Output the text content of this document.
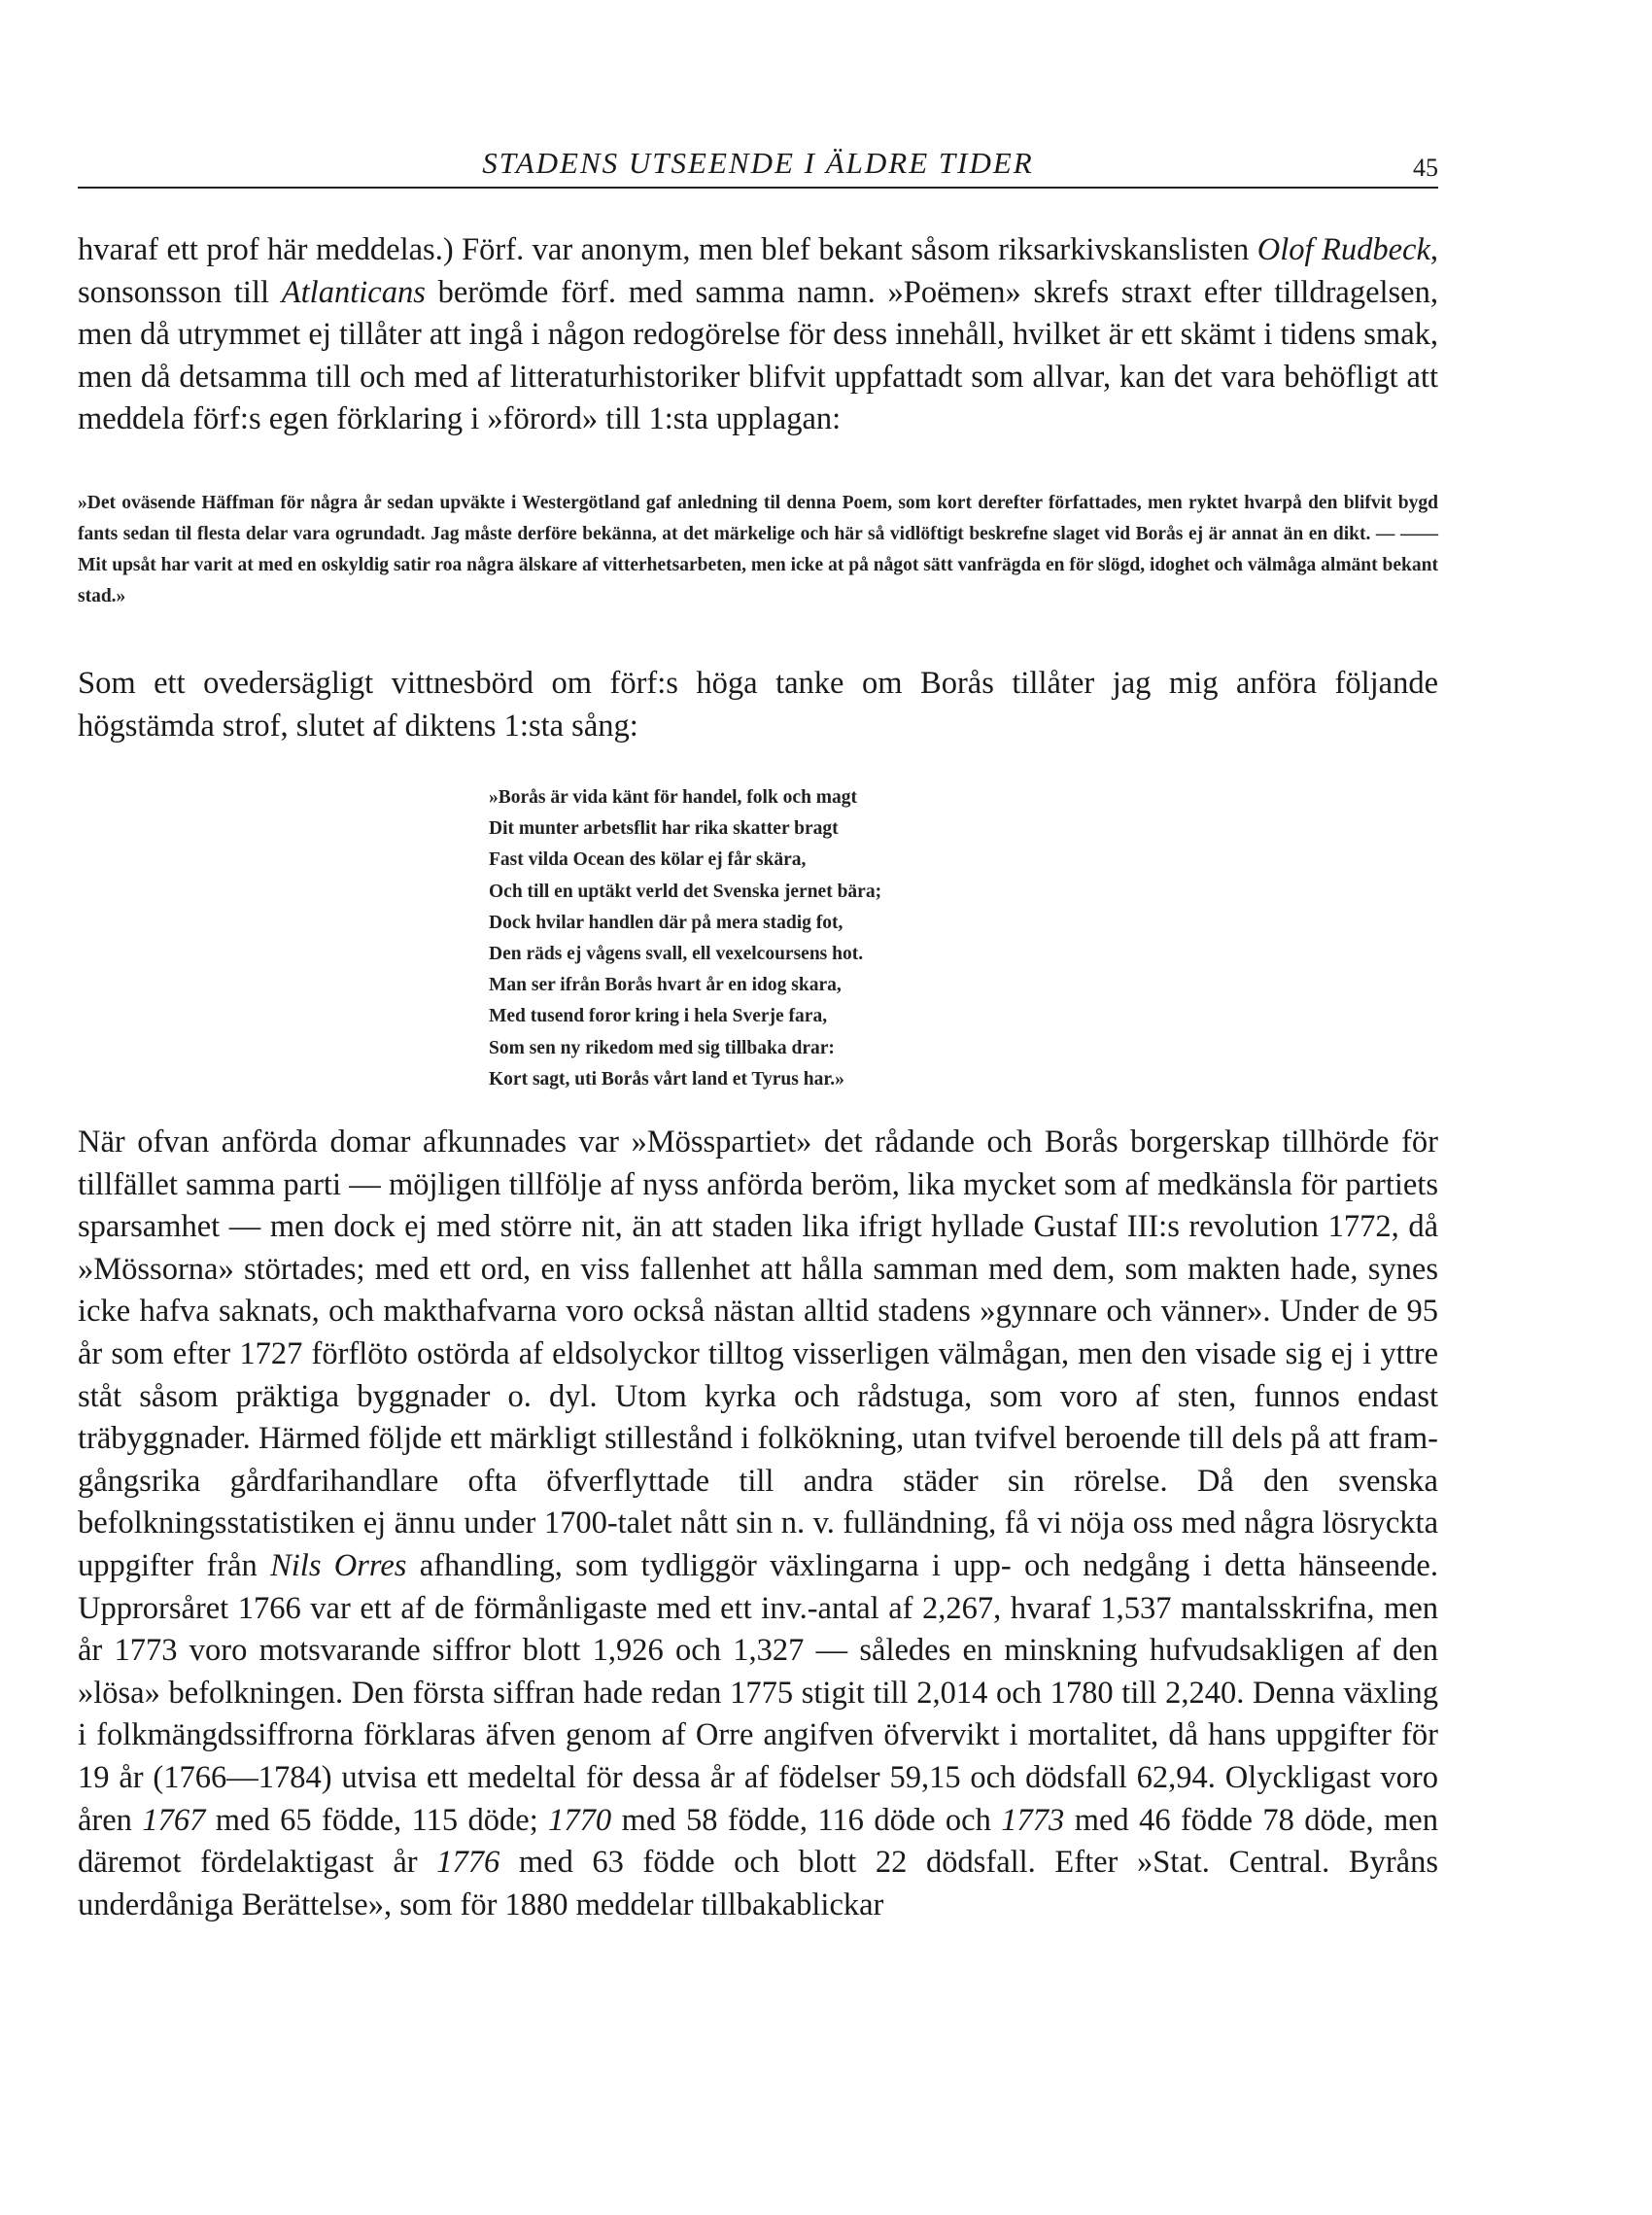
STADENS UTSEENDE I ÄLDRE TIDER	45

hvaraf ett prof här meddelas.) Förf. var anonym, men blef bekant såsom riksarkivskanslisten Olof Rudbeck, sonsonsson till Atlanticans berömde förf. med samma namn. »Poëmen» skrefs straxt efter tilldragelsen, men då utrymmet ej tillåter att ingå i någon redogörelse för dess innehåll, hvilket är ett skämt i tidens smak, men då detsamma till och med af litteraturhistoriker blifvit uppfattadt som allvar, kan det vara behöfligt att meddela förf:s egen förklaring i »förord» till 1:sta upplagan:

»Det oväsende Häffman för några år sedan upväkte i Westergötland gaf anledning til denna Poem, som kort derefter författades, men ryktet hvarpå den blifvit bygd fants sedan til flesta delar vara ogrundadt. Jag måste derföre bekänna, at det märkelige och här så vidlöftigt beskrefne slaget vid Borås ej är annat än en dikt. — —— Mit upsåt har varit at med en oskyldig satir roa några älskare af vitterhetsarbeten, men icke at på något sätt vanfrägda en för slögd, idoghet och välmåga almänt bekant stad.»

Som ett ovedersägligt vittnesbörd om förf:s höga tanke om Borås tillåter jag mig anföra följande högstämda strof, slutet af diktens 1:sta sång:

»Borås är vida känt för handel, folk och magt
Dit munter arbetsflit har rika skatter bragt
Fast vilda Ocean des kölar ej får skära,
Och till en uptäkt verld det Svenska jernet bära;
Dock hvilar handlen där på mera stadig fot,
Den räds ej vågens svall, ell vexelcoursens hot.
Man ser ifrån Borås hvart år en idog skara,
Med tusend foror kring i hela Sverje fara,
Som sen ny rikedom med sig tillbaka drar:
Kort sagt, uti Borås vårt land et Tyrus har.»

När ofvan anförda domar afkunnades var »Mösspartiet» det rådande och Borås borgerskap tillhörde för tillfället samma parti — möjligen tillföljе af nyss anförda beröm, lika mycket som af medkänsla för partiets sparsamhet — men dock ej med större nit, än att staden lika ifrigt hyllade Gustaf III:s revolution 1772, då »Mössorna» störtades; med ett ord, en viss fallenhet att hålla samman med dem, som makten hade, synes icke hafva saknats, och makthafvarna voro också nästan alltid stadens »gynnare och vänner». Under de 95 år som efter 1727 förflöto ostörda af eldsolyckor tilltog visserligen välmågan, men den visade sig ej i yttre ståt såsom präktiga byggnader o. dyl. Utom kyrka och rådstuga, som voro af sten, funnos endast träbyggnader. Härmed följde ett märkligt stillestånd i folkökning, utan tvifvel beroende till dels på att framgångsrika gårdfarihandlare ofta öfverflyttade till andra städer sin rörelse. Då den svenska befolkningsstatistiken ej ännu under 1700-talet nått sin n. v. fulländning, få vi nöja oss med några lösryckta uppgifter från Nils Orres afhandling, som tydliggör växlingarna i upp- och nedgång i detta hänseende. Upprorsåret 1766 var ett af de förmånligaste med ett inv.-antal af 2,267, hvaraf 1,537 mantalsskrifna, men år 1773 voro motsvarande siffror blott 1,926 och 1,327 — således en minskning hufvudsakligen af den »lösa» befolkningen. Den första siffran hade redan 1775 stigit till 2,014 och 1780 till 2,240. Denna växling i folkmängdssiffrorna förklaras äfven genom af Orre angifven öfvervikt i mortalitet, då hans uppgifter för 19 år (1766—1784) utvisa ett medeltal för dessa år af födelser 59,15 och dödsfall 62,94. Olyckligast voro åren 1767 med 65 födde, 115 döde; 1770 med 58 födde, 116 döde och 1773 med 46 födde 78 döde, men däremot fördelaktigast år 1776 med 63 födde och blott 22 dödsfall. Efter »Stat. Central. Byråns underdåniga Berättelse», som för 1880 meddelar tillbakablickar
